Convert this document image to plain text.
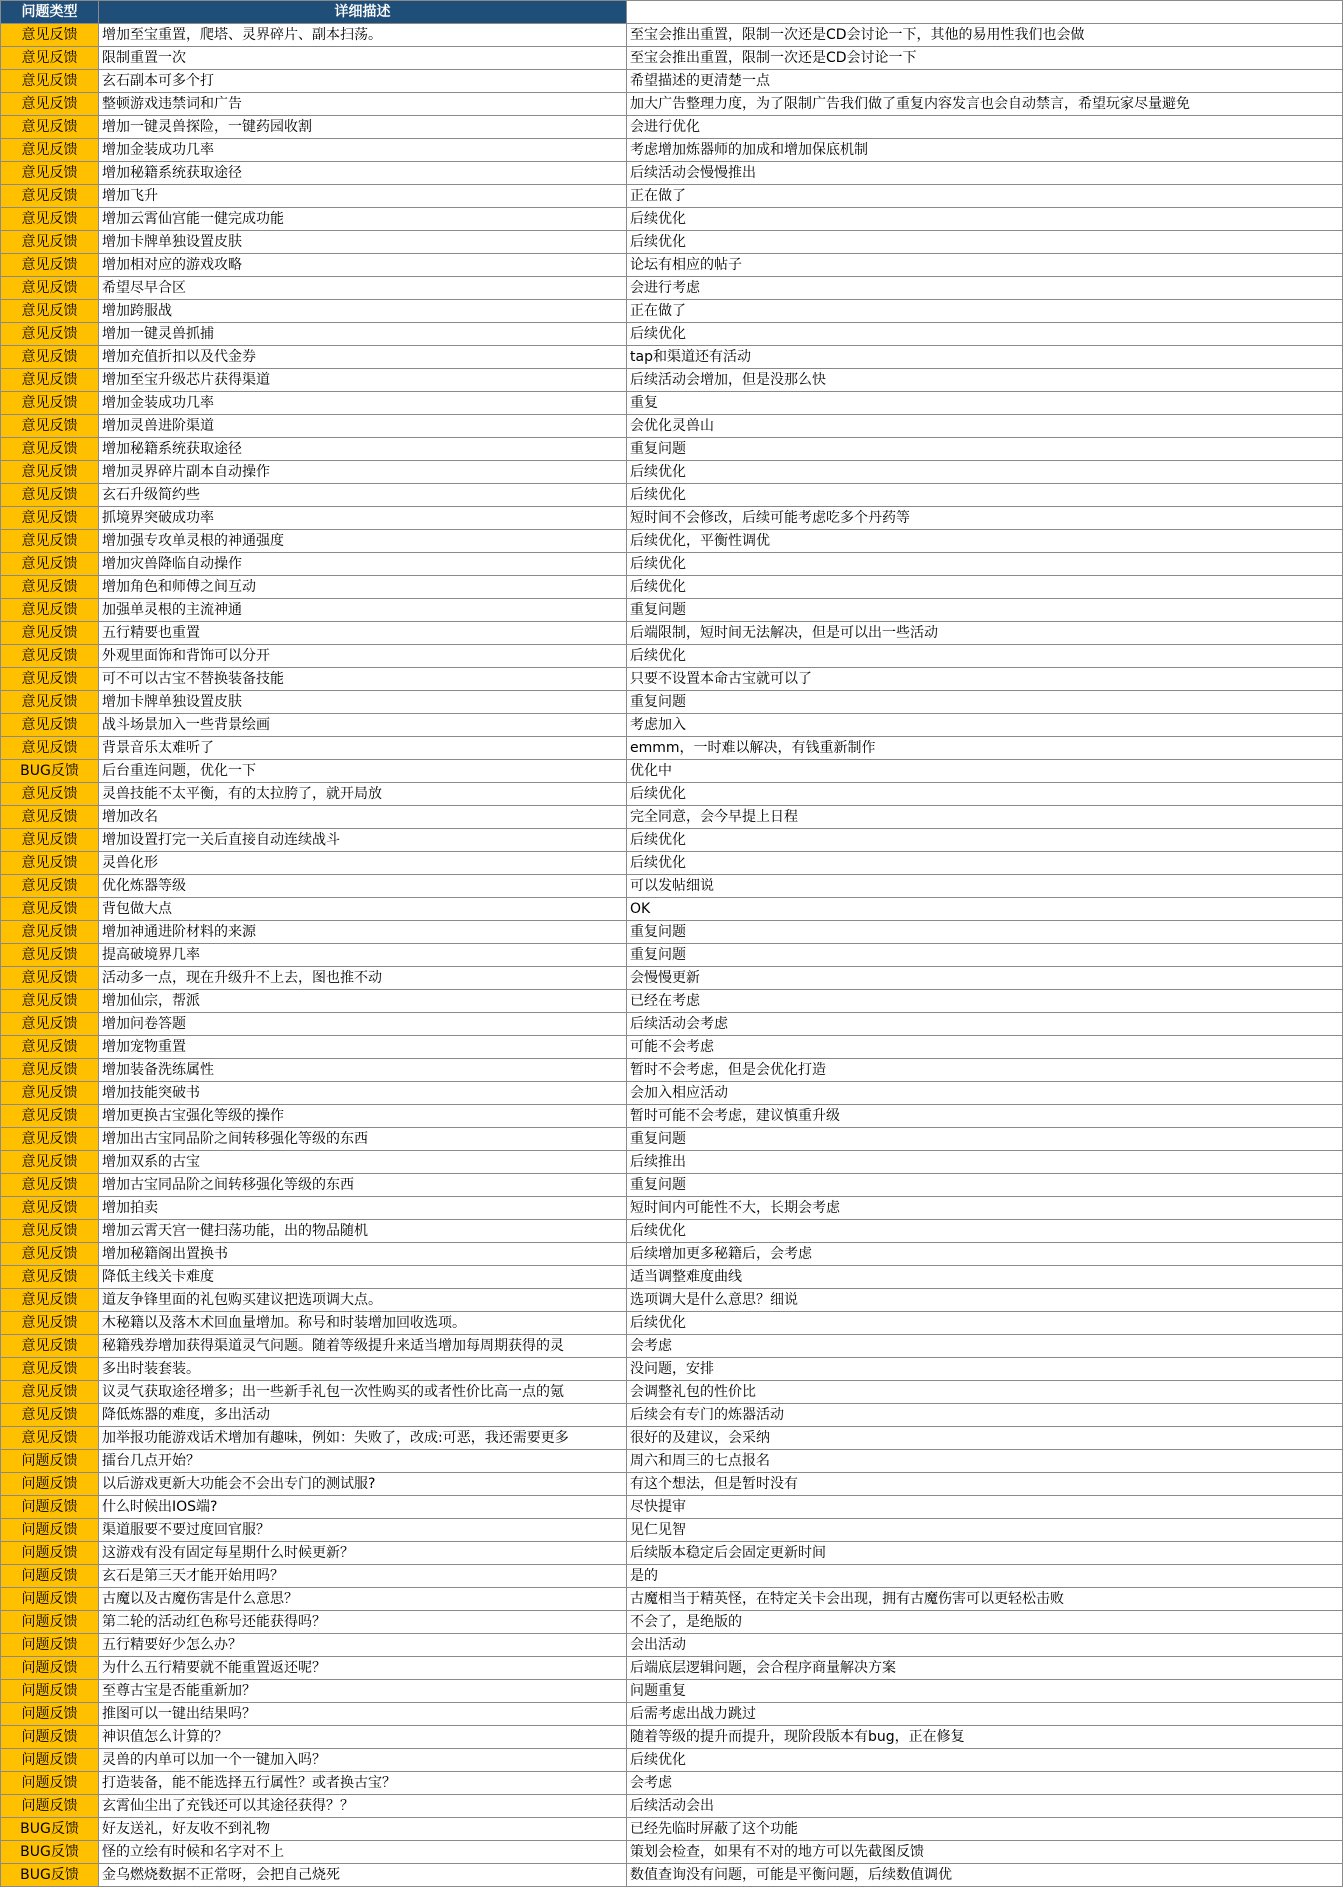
问题类型	详细描述	
意见反馈	增加至宝重置，爬塔、灵界碎片、副本扫荡。	至宝会推出重置，限制一次还是CD会讨论一下，其他的易用性我们也会做
意见反馈	限制重置一次	至宝会推出重置，限制一次还是CD会讨论一下
意见反馈	玄石副本可多个打	希望描述的更清楚一点
意见反馈	整顿游戏违禁词和广告	加大广告整理力度，为了限制广告我们做了重复内容发言也会自动禁言，希望玩家尽量避免
意见反馈	增加一键灵兽探险，一键药园收割	会进行优化
意见反馈	增加金装成功几率	考虑增加炼器师的加成和增加保底机制
意见反馈	增加秘籍系统获取途径	后续活动会慢慢推出
意见反馈	增加飞升	正在做了
意见反馈	增加云霄仙宫能一健完成功能	后续优化
意见反馈	增加卡牌单独设置皮肤	后续优化
意见反馈	增加相对应的游戏攻略	论坛有相应的帖子
意见反馈	希望尽早合区	会进行考虑
意见反馈	增加跨服战	正在做了
意见反馈	增加一键灵兽抓捕	后续优化
意见反馈	增加充值折扣以及代金券	tap和渠道还有活动
意见反馈	增加至宝升级芯片获得渠道	后续活动会增加，但是没那么快
意见反馈	增加金装成功几率	重复
意见反馈	增加灵兽进阶渠道	会优化灵兽山
意见反馈	增加秘籍系统获取途径	重复问题
意见反馈	增加灵界碎片副本自动操作	后续优化
意见反馈	玄石升级简约些	后续优化
意见反馈	抓境界突破成功率	短时间不会修改，后续可能考虑吃多个丹药等
意见反馈	增加强专攻单灵根的神通强度	后续优化，平衡性调优
意见反馈	增加灾兽降临自动操作	后续优化
意见反馈	增加角色和师傅之间互动	后续优化
意见反馈	加强单灵根的主流神通	重复问题
意见反馈	五行精要也重置	后端限制，短时间无法解决，但是可以出一些活动
意见反馈	外观里面饰和背饰可以分开	后续优化
意见反馈	可不可以古宝不替换装备技能	只要不设置本命古宝就可以了
意见反馈	增加卡牌单独设置皮肤	重复问题
意见反馈	战斗场景加入一些背景绘画	考虑加入
意见反馈	背景音乐太难听了	emmm，一时难以解决，有钱重新制作
BUG反馈	后台重连问题，优化一下	优化中
意见反馈	灵兽技能不太平衡，有的太拉胯了，就开局放	后续优化
意见反馈	增加改名	完全同意，会今早提上日程
意见反馈	增加设置打完一关后直接自动连续战斗	后续优化
意见反馈	灵兽化形	后续优化
意见反馈	优化炼器等级	可以发帖细说
意见反馈	背包做大点	OK
意见反馈	增加神通进阶材料的来源	重复问题
意见反馈	提高破境界几率	重复问题
意见反馈	活动多一点，现在升级升不上去，图也推不动	会慢慢更新
意见反馈	增加仙宗，帮派	已经在考虑
意见反馈	增加问卷答题	后续活动会考虑
意见反馈	增加宠物重置	可能不会考虑
意见反馈	增加装备洗练属性	暂时不会考虑，但是会优化打造
意见反馈	增加技能突破书	会加入相应活动
意见反馈	增加更换古宝强化等级的操作	暂时可能不会考虑，建议慎重升级
意见反馈	增加出古宝同品阶之间转移强化等级的东西	重复问题
意见反馈	增加双系的古宝	后续推出
意见反馈	增加古宝同品阶之间转移强化等级的东西	重复问题
意见反馈	增加拍卖	短时间内可能性不大，长期会考虑
意见反馈	增加云霄天宫一健扫荡功能，出的物品随机	后续优化
意见反馈	增加秘籍阁出置换书	后续增加更多秘籍后，会考虑
意见反馈	降低主线关卡难度	适当调整难度曲线
意见反馈	道友争锋里面的礼包购买建议把选项调大点。	选项调大是什么意思？细说
意见反馈	木秘籍以及落木术回血量增加。称号和时装增加回收选项。	后续优化
意见反馈	秘籍残券增加获得渠道灵气问题。随着等级提升来适当增加每周期获得的灵	会考虑
意见反馈	多出时装套装。	没问题，安排
意见反馈	议灵气获取途径增多；出一些新手礼包一次性购买的或者性价比高一点的氪	会调整礼包的性价比
意见反馈	降低炼器的难度，多出活动	后续会有专门的炼器活动
意见反馈	加举报功能游戏话术增加有趣味，例如：失败了，改成:可恶，我还需要更多	很好的及建议，会采纳
问题反馈	擂台几点开始？	周六和周三的七点报名
问题反馈	以后游戏更新大功能会不会出专门的测试服?	有这个想法，但是暂时没有
问题反馈	什么时候出IOS端?	尽快提审
问题反馈	渠道服要不要过度回官服？	见仁见智
问题反馈	这游戏有没有固定每星期什么时候更新？	后续版本稳定后会固定更新时间
问题反馈	玄石是第三天才能开始用吗？	是的
问题反馈	古魔以及古魔伤害是什么意思？	古魔相当于精英怪，在特定关卡会出现，拥有古魔伤害可以更轻松击败
问题反馈	第二轮的活动红色称号还能获得吗？	不会了，是绝版的
问题反馈	五行精要好少怎么办？	会出活动
问题反馈	为什么五行精要就不能重置返还呢？	后端底层逻辑问题，会合程序商量解决方案
问题反馈	至尊古宝是否能重新加？	问题重复
问题反馈	推图可以一键出结果吗？	后需考虑出战力跳过
问题反馈	神识值怎么计算的？	随着等级的提升而提升，现阶段版本有bug，正在修复
问题反馈	灵兽的内单可以加一个一键加入吗？	后续优化
问题反馈	打造装备，能不能选择五行属性？或者换古宝？	会考虑
问题反馈	玄霄仙尘出了充钱还可以其途径获得？？	后续活动会出
BUG反馈	好友送礼，好友收不到礼物	已经先临时屏蔽了这个功能
BUG反馈	怪的立绘有时候和名字对不上	策划会检查，如果有不对的地方可以先截图反馈
BUG反馈	金乌燃烧数据不正常呀，会把自己烧死	数值查询没有问题，可能是平衡问题，后续数值调优
